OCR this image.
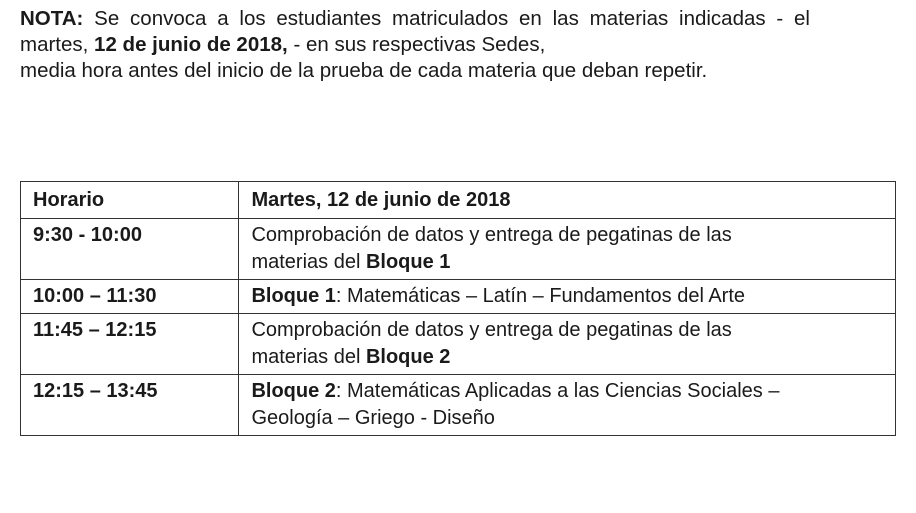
NOTA: Se convoca a los estudiantes matriculados en las materias indicadas - el martes, 12 de junio de 2018, - en sus respectivas Sedes,
media hora antes del inicio de la prueba de cada materia que deban repetir.

Horario	Martes, 12 de junio de 2018
9:30 - 10:00	Comprobación de datos y entrega de pegatinas de las materias del Bloque 1

10:00 – 11:30	Bloque 1: Matemáticas – Latín – Fundamentos del Arte

11:45 – 12:15	Comprobación de datos y entrega de pegatinas de las materias del Bloque 2

12:15 – 13:45	Bloque 2: Matemáticas Aplicadas a las Ciencias Sociales – Geología – Griego - Diseño
